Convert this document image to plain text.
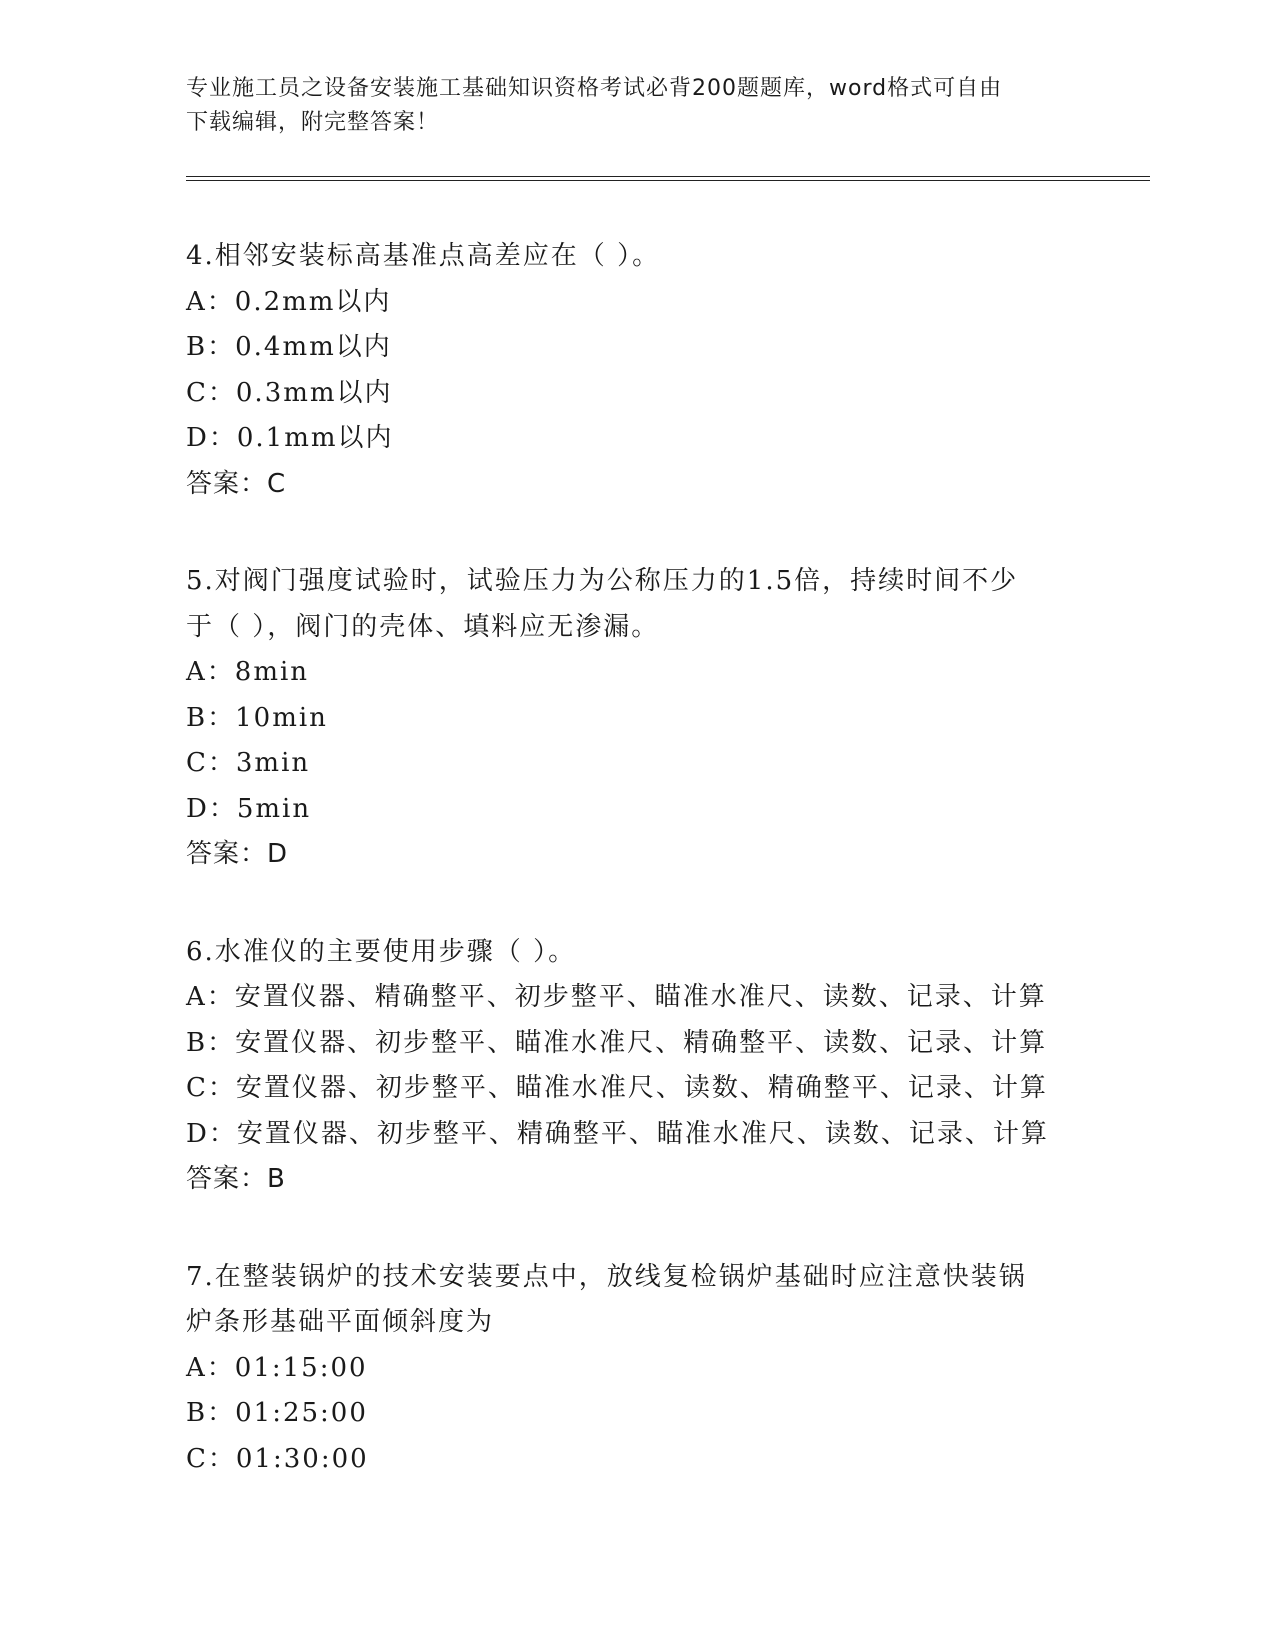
专业施工员之设备安装施工基础知识资格考试必背200题题库，word格式可自由
下载编辑，附完整答案！
4.相邻安装标高基准点高差应在（ ）。
A：0.2mm以内
B：0.4mm以内
C：0.3mm以内
D：0.1mm以内
答案：C
5.对阀门强度试验时，试验压力为公称压力的1.5倍，持续时间不少
于（ ），阀门的壳体、填料应无渗漏。
A：8min
B：10min
C：3min
D：5min
答案：D
6.水准仪的主要使用步骤（ ）。
A：安置仪器、精确整平、初步整平、瞄准水准尺、读数、记录、计算
B：安置仪器、初步整平、瞄准水准尺、精确整平、读数、记录、计算
C：安置仪器、初步整平、瞄准水准尺、读数、精确整平、记录、计算
D：安置仪器、初步整平、精确整平、瞄准水准尺、读数、记录、计算
答案：B
7.在整装锅炉的技术安装要点中，放线复检锅炉基础时应注意快装锅
炉条形基础平面倾斜度为
A：01:15:00
B：01:25:00
C：01:30:00
